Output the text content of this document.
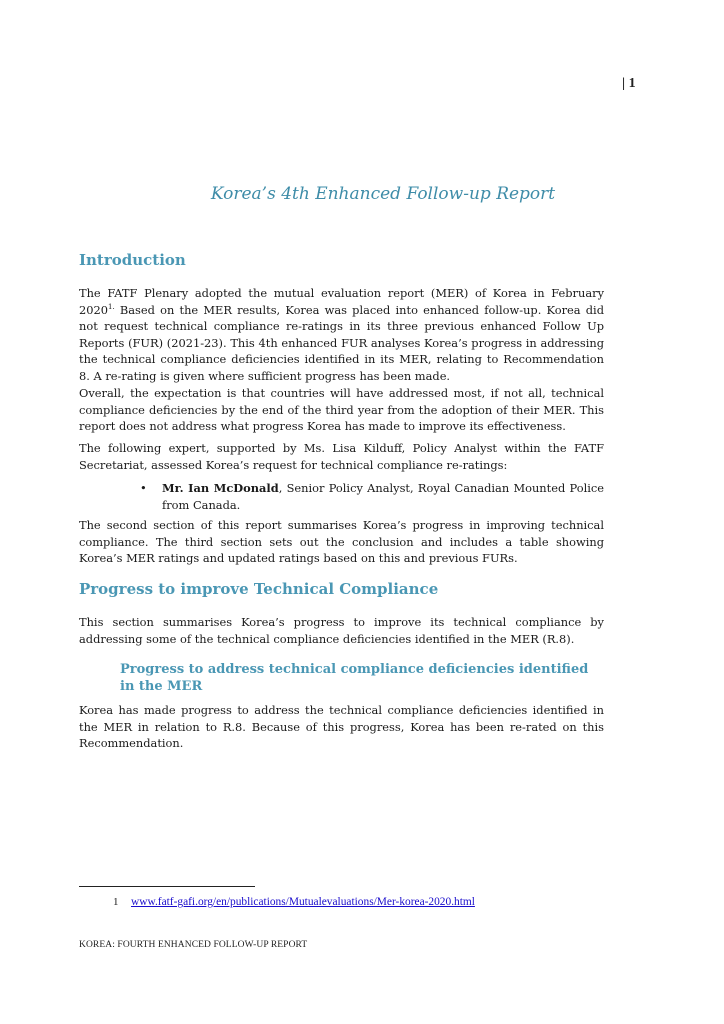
| 1
Korea’s 4th Enhanced Follow-up Report
Introduction
The FATF Plenary adopted the mutual evaluation report (MER) of Korea in February $2020^{1.}$ Based on the MER results, Korea was placed into enhanced follow-up. Korea did not request technical compliance re-ratings in its three previous enhanced Follow Up Reports (FUR) (2021-23). This 4th enhanced FUR analyses Korea’s progress in addressing the technical compliance deficiencies identified in its MER, relating to Recommendation 8. A re-rating is given where sufficient progress has been made.
Overall, the expectation is that countries will have addressed most, if not all, technical compliance deficiencies by the end of the third year from the adoption of their MER. This report does not address what progress Korea has made to improve its effectiveness.
The following expert, supported by Ms. Lisa Kilduff, Policy Analyst within the FATF Secretariat, assessed Korea’s request for technical compliance re-ratings:
• Mr. Ian McDonald, Senior Policy Analyst, Royal Canadian Mounted Police from Canada.
The second section of this report summarises Korea’s progress in improving technical compliance. The third section sets out the conclusion and includes a table showing Korea’s MER ratings and updated ratings based on this and previous FURs.
Progress to improve Technical Compliance
This section summarises Korea’s progress to improve its technical compliance by addressing some of the technical compliance deficiencies identified in the MER (R.8).
Progress to address technical compliance deficiencies identified in the MER
Korea has made progress to address the technical compliance deficiencies identified in the MER in relation to R.8. Because of this progress, Korea has been re-rated on this Recommendation.
1 www.fatf-gafi.org/en/publications/Mutualevaluations/Mer-korea-2020.html
KOREA: FOURTH ENHANCED FOLLOW-UP REPORT
